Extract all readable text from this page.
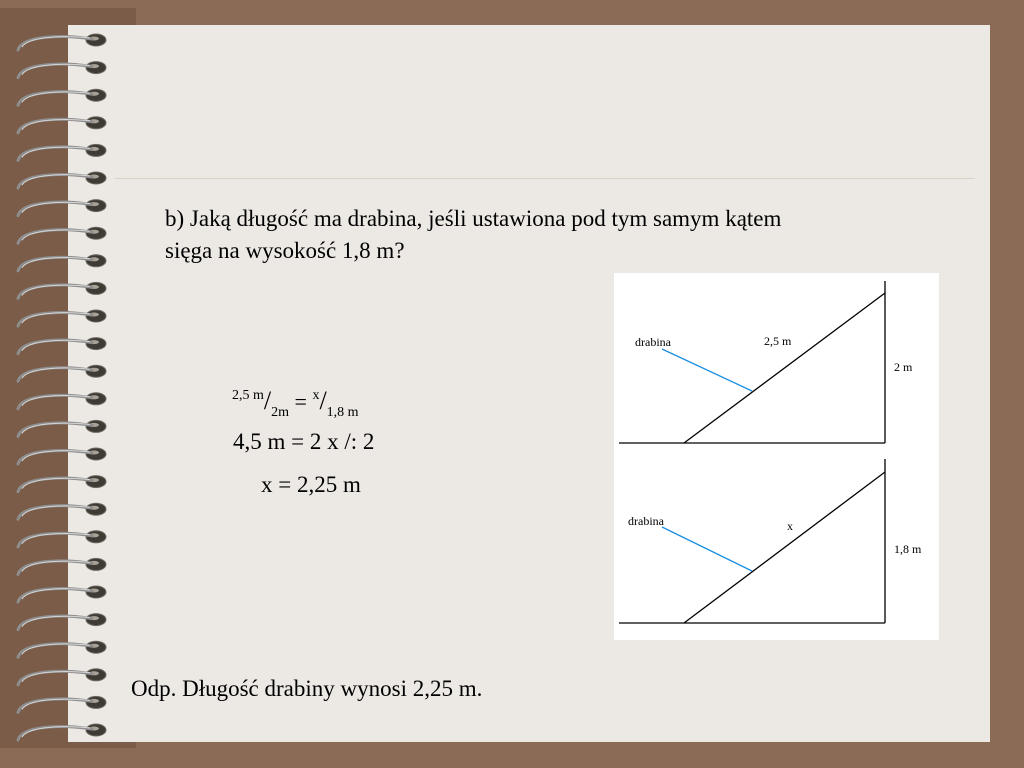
b) Jaką długość ma drabina, jeśli ustawiona pod tym samym kątem
sięga na wysokość 1,8 m?
$^{2,5 m}/_{2m} = ^x/_{1,8 m}$
4,5 m = 2 x /: 2
x = 2,25 m
Odp. Długość drabiny wynosi 2,25 m.
drabina	2,5 m
2 m
drabina	x
1,8 m
